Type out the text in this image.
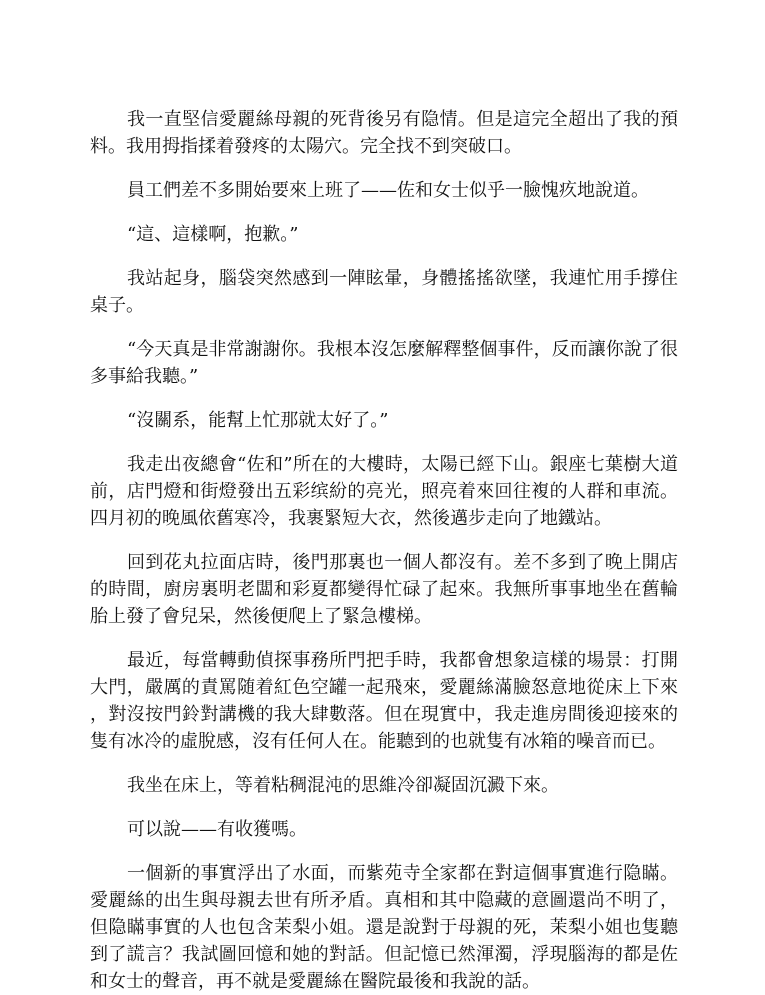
我一直堅信愛麗絲母親的死背後另有隐情。但是這完全超出了我的預料。我用拇指揉着發疼的太陽穴。完全找不到突破口。

員工們差不多開始要來上班了——佐和女士似乎一臉愧疚地說道。

“這、這樣啊，抱歉。”

我站起身，腦袋突然感到一陣眩暈，身體搖搖欲墜，我連忙用手撐住桌子。

“今天真是非常謝謝你。我根本沒怎麼解釋整個事件，反而讓你說了很多事給我聽。”

“沒關系，能幫上忙那就太好了。”

我走出夜總會“佐和”所在的大樓時，太陽已經下山。銀座七葉樹大道前，店門燈和街燈發出五彩缤紛的亮光，照亮着來回往複的人群和車流。四月初的晚風依舊寒冷，我裹緊短大衣，然後邁步走向了地鐵站。

回到花丸拉面店時，後門那裏也一個人都沒有。差不多到了晚上開店的時間，廚房裏明老闆和彩夏都變得忙碌了起來。我無所事事地坐在舊輪胎上發了會兒呆，然後便爬上了緊急樓梯。

最近，每當轉動偵探事務所門把手時，我都會想象這樣的場景：打開大門，嚴厲的責罵随着紅色空罐一起飛來，愛麗絲滿臉怒意地從床上下來，對沒按門鈴對講機的我大肆數落。但在現實中，我走進房間後迎接來的隻有冰冷的虛脫感，沒有任何人在。能聽到的也就隻有冰箱的噪音而已。

我坐在床上，等着粘稠混沌的思維冷卻凝固沉澱下來。

可以說——有收獲嗎。

一個新的事實浮出了水面，而紫苑寺全家都在對這個事實進行隐瞞。愛麗絲的出生與母親去世有所矛盾。真相和其中隐藏的意圖還尚不明了，但隐瞞事實的人也包含茉梨小姐。還是說對于母親的死，茉梨小姐也隻聽到了謊言？我試圖回憶和她的對話。但記憶已然渾濁，浮現腦海的都是佐和女士的聲音，再不就是愛麗絲在醫院最後和我說的話。
